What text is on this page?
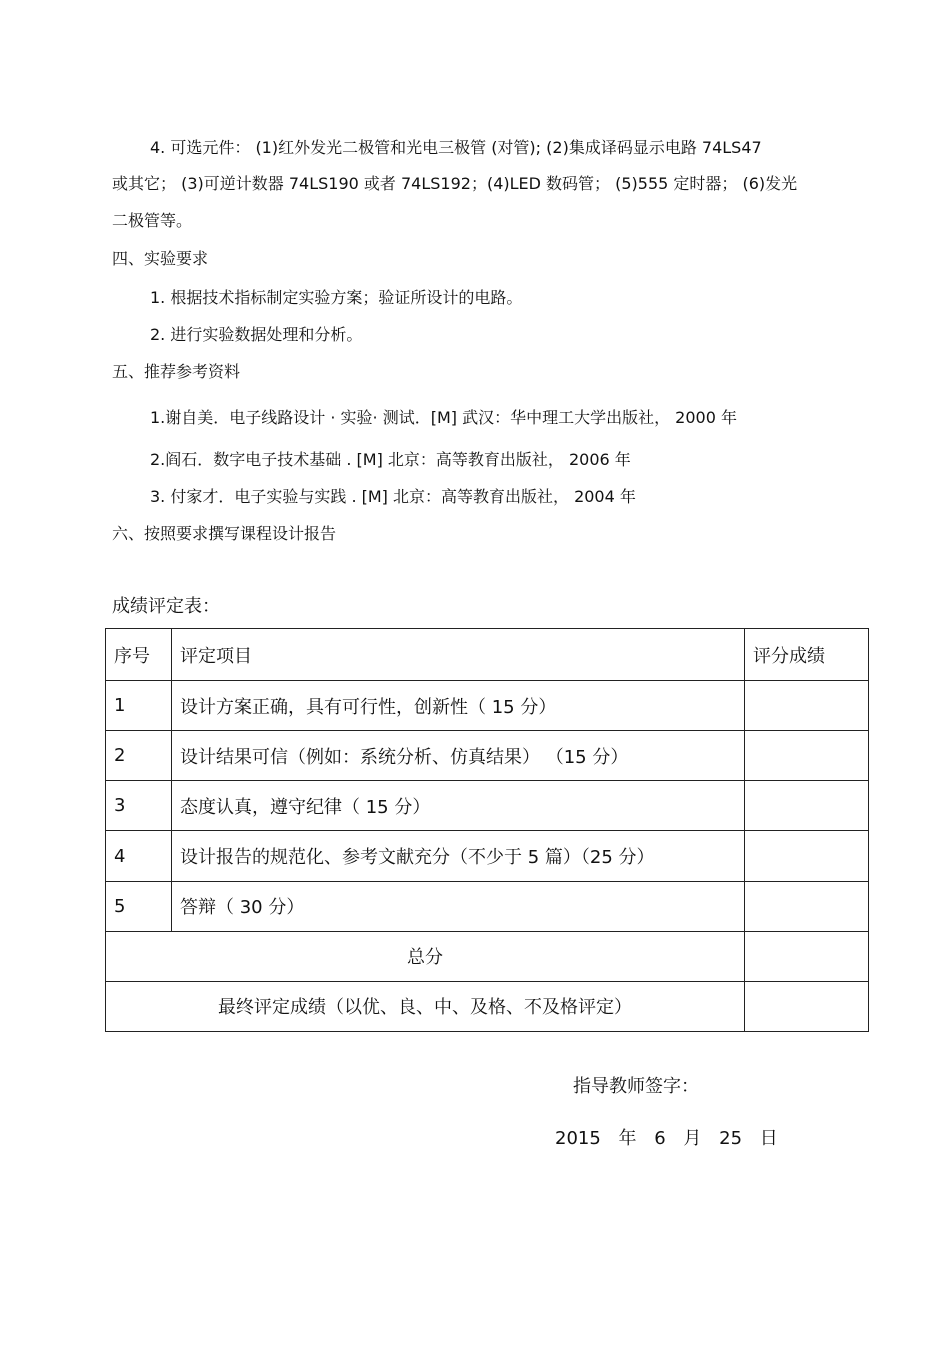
4. 可选元件： (1)红外发光二极管和光电三极管 (对管); (2)集成译码显示电路 74LS47
或其它； (3)可逆计数器 74LS190 或者 74LS192；(4)LED 数码管； (5)555 定时器； (6)发光
二极管等。
四、实验要求
1. 根据技术指标制定实验方案；验证所设计的电路。
2. 进行实验数据处理和分析。
五、推荐参考资料
1.谢自美．电子线路设计 · 实验· 测试．[M] 武汉：华中理工大学出版社， 2000 年
2.阎石．数字电子技术基础 . [M] 北京：高等教育出版社， 2006 年
3. 付家才．电子实验与实践 . [M] 北京：高等教育出版社， 2004 年
六、按照要求撰写课程设计报告
成绩评定表：
序号	评定项目	评分成绩
1	设计方案正确，具有可行性，创新性（ 15 分）	
2	设计结果可信（例如：系统分析、仿真结果） （15 分）	
3	态度认真，遵守纪律（ 15 分）	
4	设计报告的规范化、参考文献充分（不少于 5 篇）（25 分）	
5	答辩（ 30 分）	
总分		
最终评定成绩（以优、良、中、及格、不及格评定）		
指导教师签字：
2015 年 6 月 25 日
